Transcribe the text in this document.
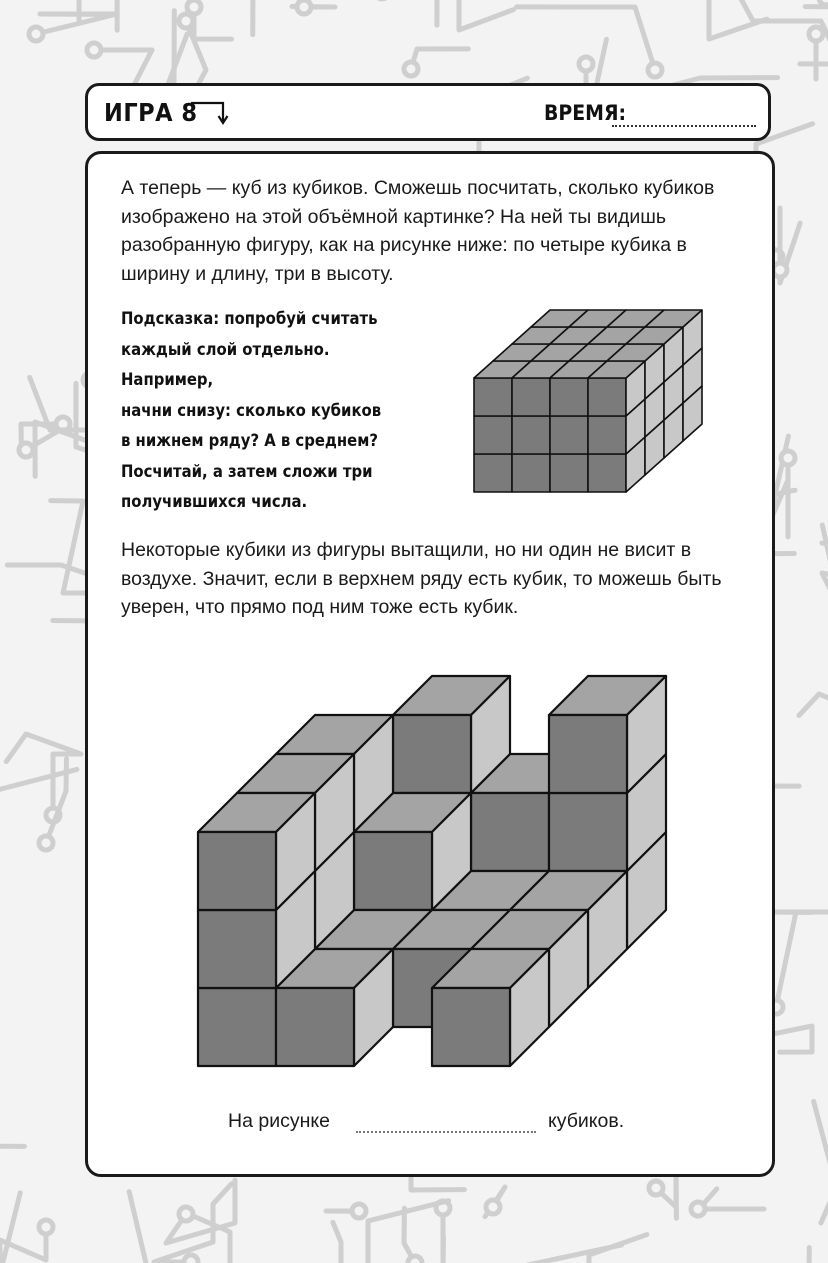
ИГРА 8	ВРЕМЯ:
А теперь — куб из кубиков. Сможешь посчитать, сколько кубиков изображено на этой объёмной картинке? На ней ты видишь разобранную фигуру, как на рисунке ниже: по четыре кубика в ширину и длину, три в высоту.
Подсказка: попробуй считать
каждый слой отдельно. Например,
начни снизу: сколько кубиков
в нижнем ряду? А в среднем?
Посчитай, а затем сложи три
получившихся числа.
Некоторые кубики из фигуры вытащили, но ни один не висит в воздухе. Значит, если в верхнем ряду есть кубик, то можешь быть уверен, что прямо под ним тоже есть кубик.
На рисунке	кубиков.
